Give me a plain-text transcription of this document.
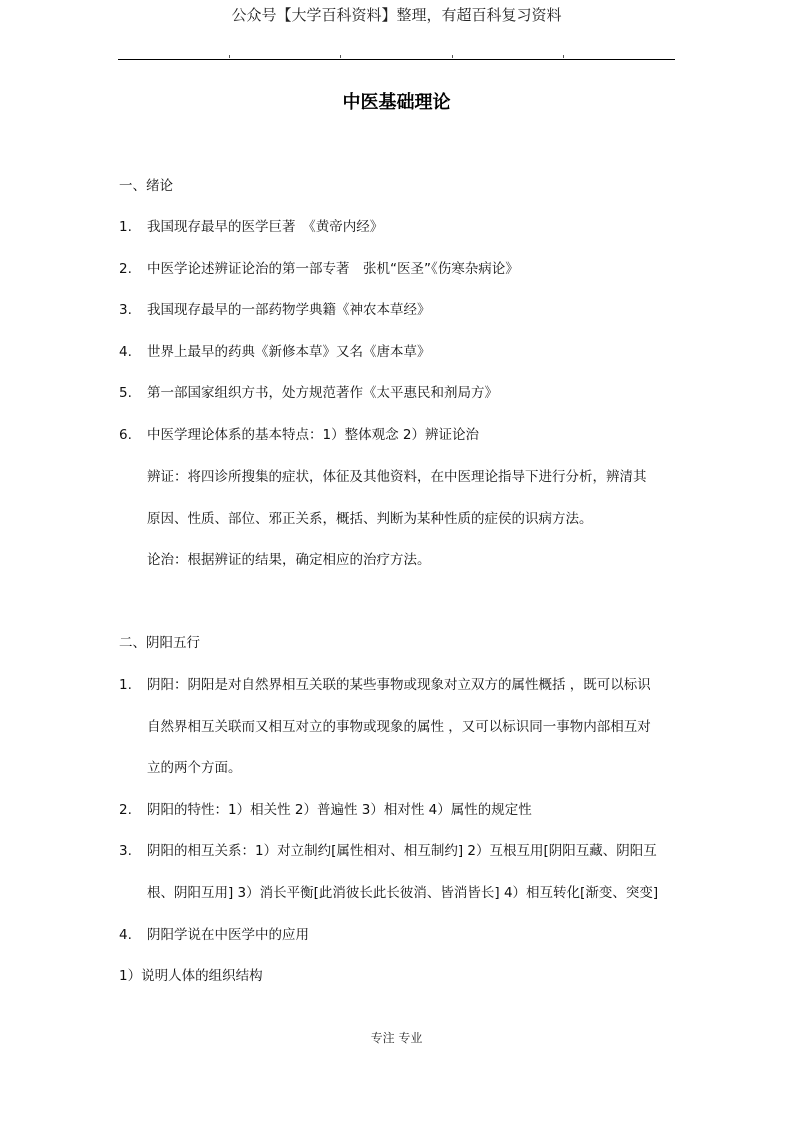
公众号【大学百科资料】整理，有超百科复习资料
中医基础理论
一、绪论
1. 我国现存最早的医学巨著　《黄帝内经》
2. 中医学论述辨证论治的第一部专著　张机“医圣”《伤寒杂病论》
3. 我国现存最早的一部药物学典籍《神农本草经》
4. 世界上最早的药典《新修本草》又名《唐本草》
5. 第一部国家组织方书，处方规范著作《太平惠民和剂局方》
6. 中医学理论体系的基本特点：1）整体观念 2）辨证论治
辨证：将四诊所搜集的症状，体征及其他资料，在中医理论指导下进行分析，辨清其
原因、性质、部位、邪正关系，概括、判断为某种性质的症侯的识病方法。
论治：根据辨证的结果，确定相应的治疗方法。
二、阴阳五行
1. 阴阳：阴阳是对自然界相互关联的某些事物或现象对立双方的属性概括 ，既可以标识
自然界相互关联而又相互对立的事物或现象的属性 ，又可以标识同一事物内部相互对
立的两个方面。
2. 阴阳的特性：1）相关性 2）普遍性 3）相对性 4）属性的规定性
3. 阴阳的相互关系：1）对立制约[属性相对、相互制约] 2）互根互用[阴阳互藏、阴阳互
根、阴阳互用] 3）消长平衡[此消彼长此长彼消、皆消皆长] 4）相互转化[渐变、突变]
4. 阴阳学说在中医学中的应用
1）说明人体的组织结构
专注 专业
